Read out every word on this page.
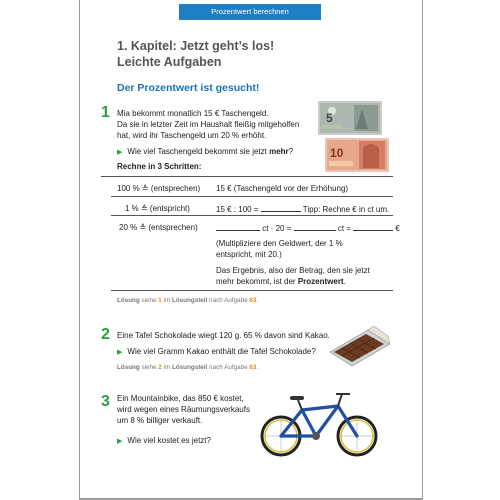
Prozentwert berechnen
1. Kapitel: Jetzt geht’s los!
Leichte Aufgaben
Der Prozentwert ist gesucht!
1 Mia bekommt monatlich 15 € Taschengeld.
Da sie in letzter Zeit im Haushalt fleißig mitgeholfen
hat, wird ihr Taschengeld um 20 % erhöht.
5
10
▶ Wie viel Taschengeld bekommt sie jetzt mehr?
Rechne in 3 Schritten:
100 % ≙ (entsprechen) 15 € (Taschengeld vor der Erhöhung)
1 % ≙ (entspricht)	15 € : 100 =	Tipp: Rechne € in ct um.
20 % ≙ (entsprechen)	ct · 20 =	ct =	€
(Multipliziere den Geldwert, der 1 %
entspricht, mit 20.)
Das Ergebnis, also der Betrag, den sie jetzt
mehr bekommt, ist der Prozentwert.
Lösung siehe 1 im Lösungsteil nach Aufgabe 63.
2 Eine Tafel Schokolade wiegt 120 g. 65 % davon sind Kakao.
▶ Wie viel Gramm Kakao enthält die Tafel Schokolade?
Lösung siehe 2 im Lösungsteil nach Aufgabe 63.
3 Ein Mountainbike, das 850 € kostet,
wird wegen eines Räumungsverkaufs
um 8 % billiger verkauft.
▶ Wie viel kostet es jetzt?
